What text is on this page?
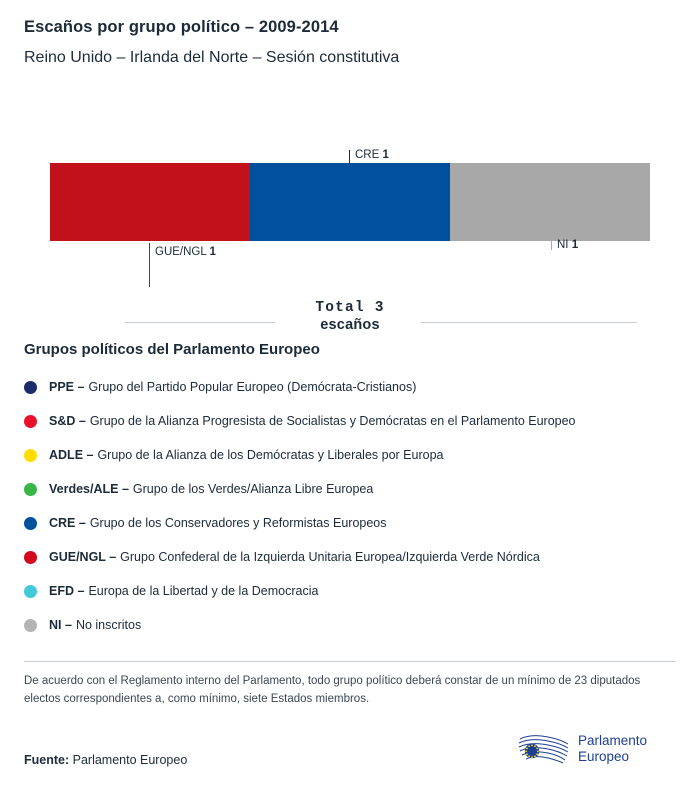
Escaños por grupo político – 2009-2014
Reino Unido – Irlanda del Norte – Sesión constitutiva
CRE 1
GUE/NGL 1
NI 1
Total 3
escaños
Grupos políticos del Parlamento Europeo
PPE – Grupo del Partido Popular Europeo (Demócrata-Cristianos)
S&D – Grupo de la Alianza Progresista de Socialistas y Demócratas en el Parlamento Europeo
ADLE – Grupo de la Alianza de los Demócratas y Liberales por Europa
Verdes/ALE – Grupo de los Verdes/Alianza Libre Europea
CRE – Grupo de los Conservadores y Reformistas Europeos
GUE/NGL – Grupo Confederal de la Izquierda Unitaria Europea/Izquierda Verde Nórdica
EFD – Europa de la Libertad y de la Democracia
NI – No inscritos
De acuerdo con el Reglamento interno del Parlamento, todo grupo político deberá constar de un mínimo de 23 diputados electos correspondientes a, como mínimo, siete Estados miembros.
Fuente: Parlamento Europeo
Parlamento
Europeo
